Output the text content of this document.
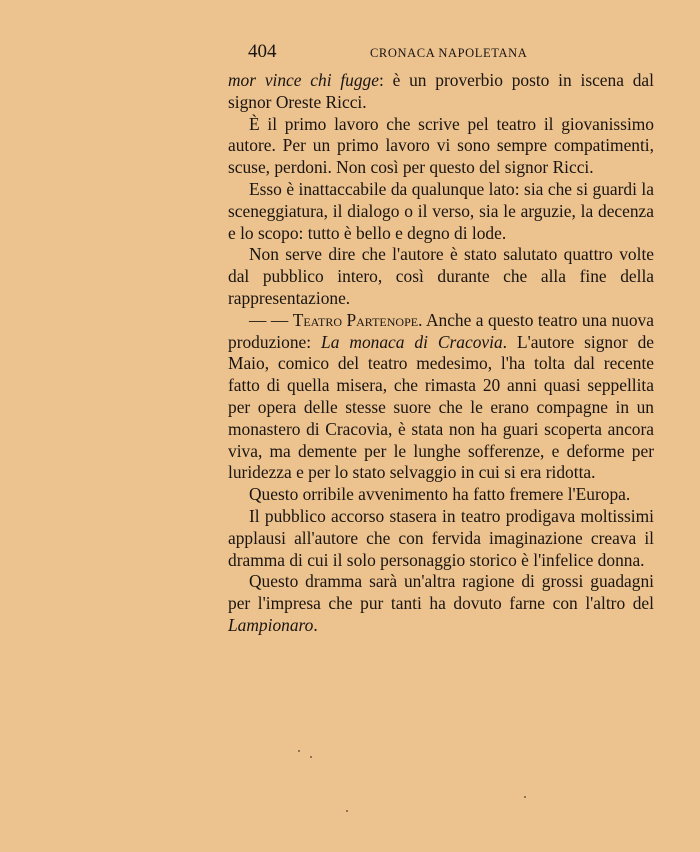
404	CRONACA NAPOLETANA

mor vince chi fugge: è un proverbio posto in iscena dal signor Oreste Ricci.

È il primo lavoro che scrive pel teatro il giovanissimo autore. Per un primo lavoro vi sono sempre compatimenti, scuse, perdoni. Non così per questo del signor Ricci.

Esso è inattaccabile da qualunque lato: sia che si guardi la sceneggiatura, il dialogo o il verso, sia le arguzie, la decenza e lo scopo: tutto è bello e degno di lode.

Non serve dire che l'autore è stato salutato quattro volte dal pubblico intero, così durante che alla fine della rappresentazione.

— — Teatro Partenope. Anche a questo teatro una nuova produzione: La monaca di Cracovia. L'autore signor de Maio, comico del teatro medesimo, l'ha tolta dal recente fatto di quella misera, che rimasta 20 anni quasi seppellita per opera delle stesse suore che le erano compagne in un monastero di Cracovia, è stata non ha guari scoperta ancora viva, ma demente per le lunghe sofferenze, e deforme per luridezza e per lo stato selvaggio in cui si era ridotta.

Questo orribile avvenimento ha fatto fremere l'Europa.

Il pubblico accorso stasera in teatro prodigava moltissimi applausi all'autore che con fervida imaginazione creava il dramma di cui il solo personaggio storico è l'infelice donna.

Questo dramma sarà un'altra ragione di grossi guadagni per l'impresa che pur tanti ha dovuto farne con l'altro del Lampionaro.
